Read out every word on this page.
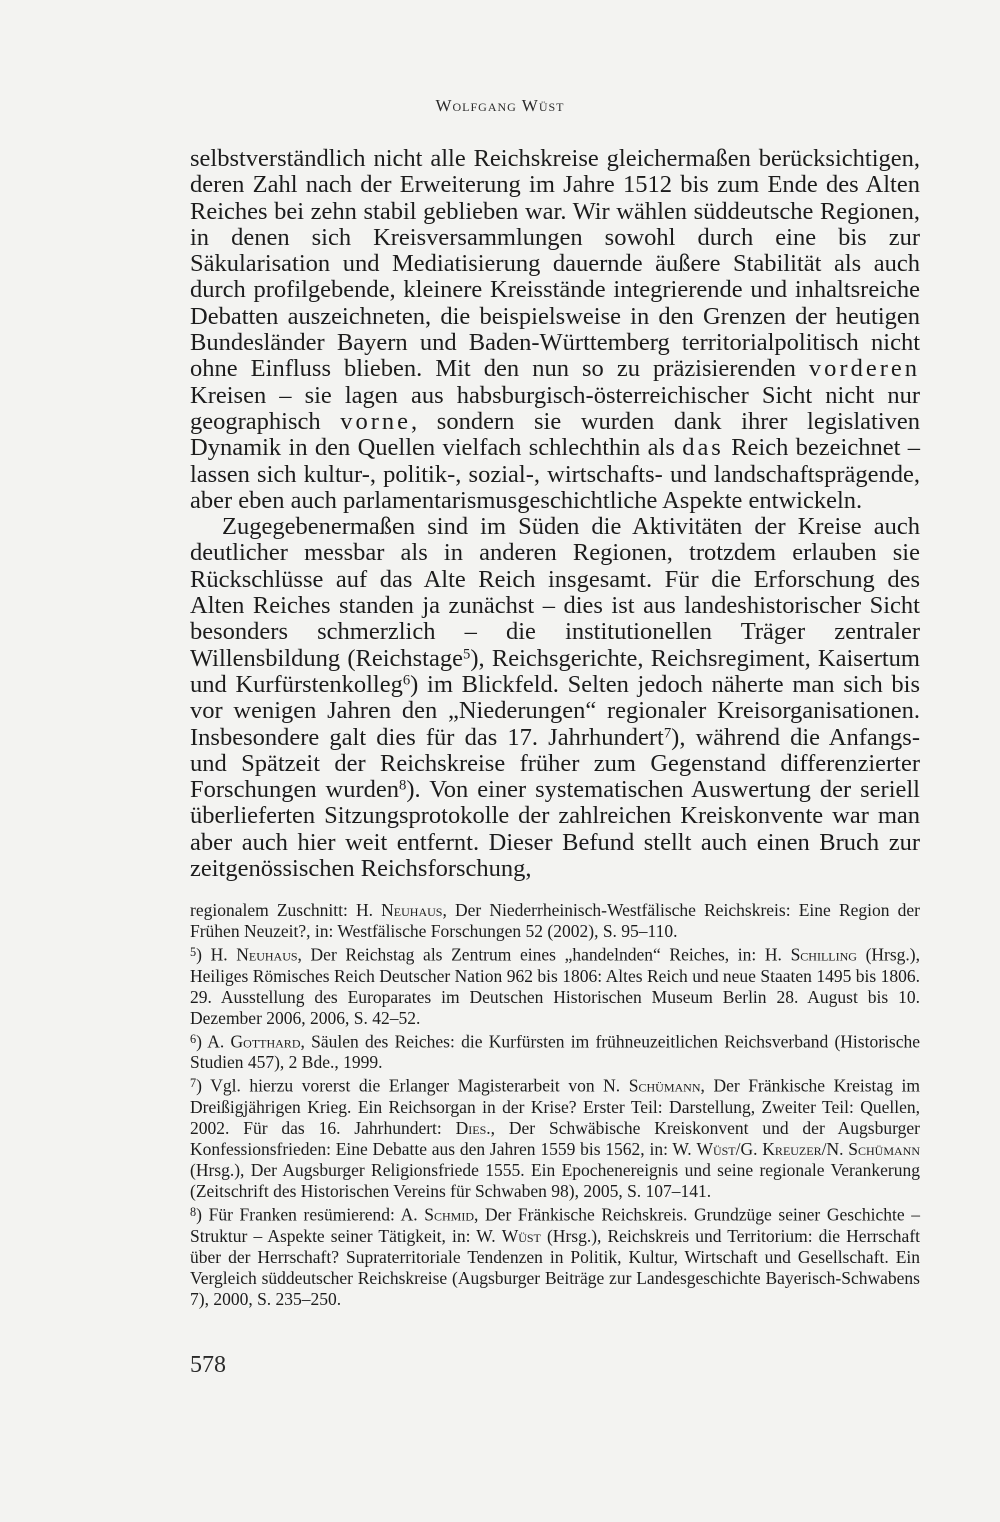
Wolfgang Wüst

selbstverständlich nicht alle Reichskreise gleichermaßen berücksichtigen, deren Zahl nach der Erweiterung im Jahre 1512 bis zum Ende des Alten Reiches bei zehn stabil geblieben war. Wir wählen süddeutsche Regionen, in denen sich Kreisversammlungen sowohl durch eine bis zur Säkularisation und Mediatisierung dauernde äußere Stabilität als auch durch profilgebende, kleinere Kreisstände integrierende und inhaltsreiche Debatten auszeichneten, die beispielsweise in den Grenzen der heutigen Bundesländer Bayern und Baden-Württemberg territorialpolitisch nicht ohne Einfluss blieben. Mit den nun so zu präzisierenden vorderen Kreisen – sie lagen aus habsburgisch-österreichischer Sicht nicht nur geographisch vorne, sondern sie wurden dank ihrer legislativen Dynamik in den Quellen vielfach schlechthin als das Reich bezeichnet – lassen sich kultur-, politik-, sozial-, wirtschafts- und landschaftsprägende, aber eben auch parlamentarismusgeschichtliche Aspekte entwickeln.

Zugegebenermaßen sind im Süden die Aktivitäten der Kreise auch deutlicher messbar als in anderen Regionen, trotzdem erlauben sie Rückschlüsse auf das Alte Reich insgesamt. Für die Erforschung des Alten Reiches standen ja zunächst – dies ist aus landeshistorischer Sicht besonders schmerzlich – die institutionellen Träger zentraler Willensbildung (Reichstage$^5$), Reichsgerichte, Reichsregiment, Kaisertum und Kurfürstenkolleg$^6$) im Blickfeld. Selten jedoch näherte man sich bis vor wenigen Jahren den „Niederungen“ regionaler Kreisorganisationen. Insbesondere galt dies für das 17. Jahrhundert$^7$), während die Anfangs- und Spätzeit der Reichskreise früher zum Gegenstand differenzierter Forschungen wurden$^8$). Von einer systematischen Auswertung der seriell überlieferten Sitzungsprotokolle der zahlreichen Kreiskonvente war man aber auch hier weit entfernt. Dieser Befund stellt auch einen Bruch zur zeitgenössischen Reichsforschung,

regionalem Zuschnitt: H. Neuhaus, Der Niederrheinisch-Westfälische Reichskreis: Eine Region der Frühen Neuzeit?, in: Westfälische Forschungen 52 (2002), S. 95–110.

$^5$) H. Neuhaus, Der Reichstag als Zentrum eines „handelnden“ Reiches, in: H. Schilling (Hrsg.), Heiliges Römisches Reich Deutscher Nation 962 bis 1806: Altes Reich und neue Staaten 1495 bis 1806. 29. Ausstellung des Europarates im Deutschen Historischen Museum Berlin 28. August bis 10. Dezember 2006, 2006, S. 42–52.

$^6$) A. Gotthard, Säulen des Reiches: die Kurfürsten im frühneuzeitlichen Reichsverband (Historische Studien 457), 2 Bde., 1999.

$^7$) Vgl. hierzu vorerst die Erlanger Magisterarbeit von N. Schümann, Der Fränkische Kreistag im Dreißigjährigen Krieg. Ein Reichsorgan in der Krise? Erster Teil: Darstellung, Zweiter Teil: Quellen, 2002. Für das 16. Jahrhundert: Dies., Der Schwäbische Kreiskonvent und der Augsburger Konfessionsfrieden: Eine Debatte aus den Jahren 1559 bis 1562, in: W. Wüst/G. Kreuzer/N. Schümann (Hrsg.), Der Augsburger Religionsfriede 1555. Ein Epochenereignis und seine regionale Verankerung (Zeitschrift des Historischen Vereins für Schwaben 98), 2005, S. 107–141.

$^8$) Für Franken resümierend: A. Schmid, Der Fränkische Reichskreis. Grundzüge seiner Geschichte – Struktur – Aspekte seiner Tätigkeit, in: W. Wüst (Hrsg.), Reichskreis und Territorium: die Herrschaft über der Herrschaft? Supraterritoriale Tendenzen in Politik, Kultur, Wirtschaft und Gesellschaft. Ein Vergleich süddeutscher Reichskreise (Augsburger Beiträge zur Landesgeschichte Bayerisch-Schwabens 7), 2000, S. 235–250.

578
